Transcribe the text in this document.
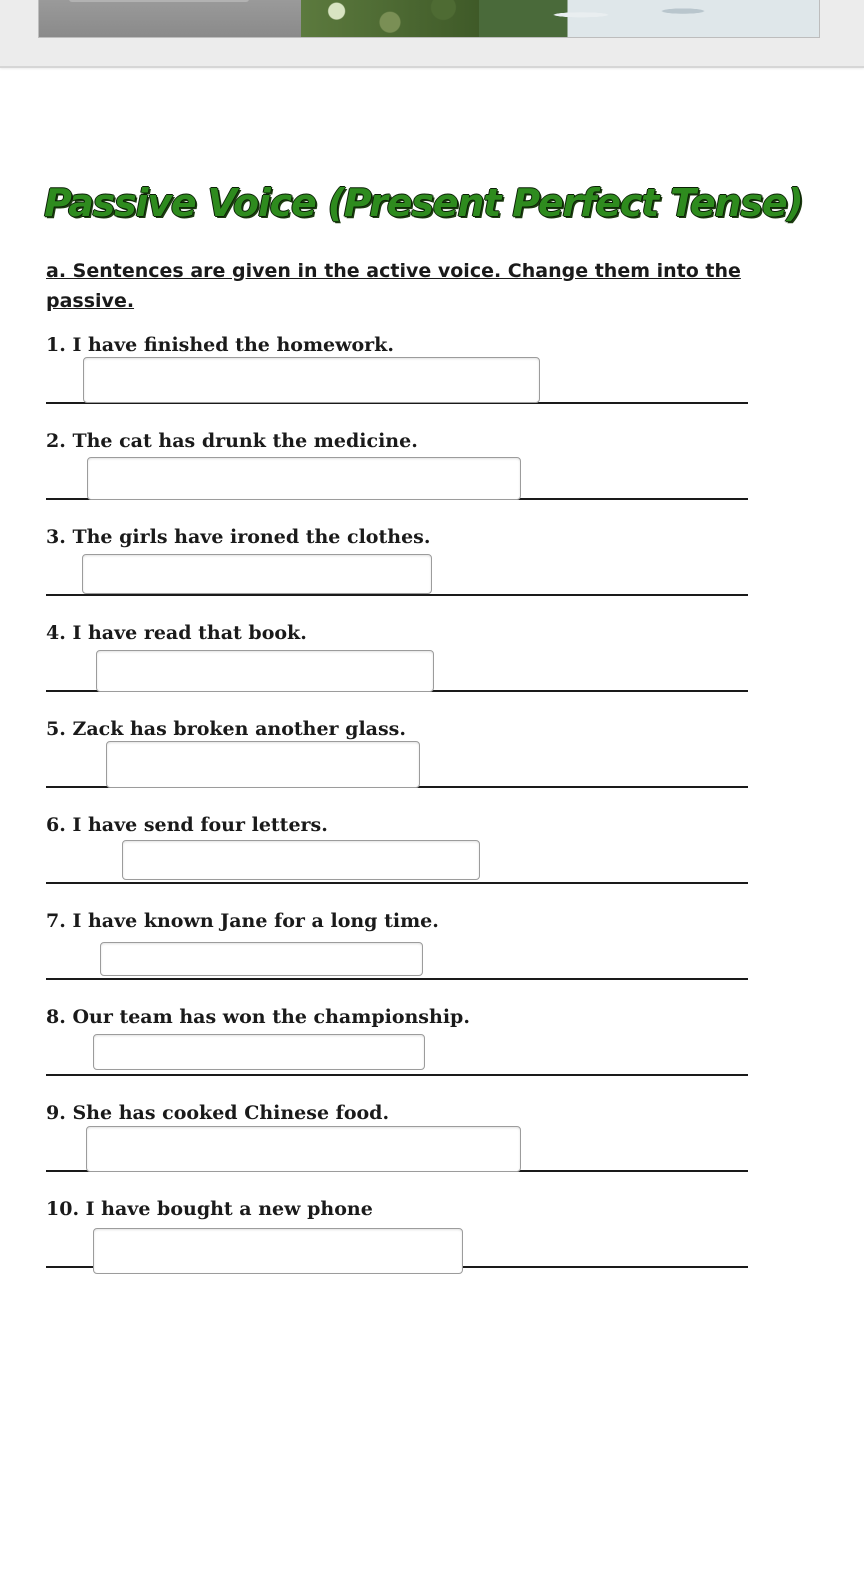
Passive Voice (Present Perfect Tense)

a. Sentences are given in the active voice. Change them into the passive.

1. I have finished the homework.
2. The cat has drunk the medicine.
3. The girls have ironed the clothes.
4. I have read that book.
5. Zack has broken another glass.
6. I have send four letters.
7. I have known Jane for a long time.
8. Our team has won the championship.
9. She has cooked Chinese food.
10. I have bought a new phone
